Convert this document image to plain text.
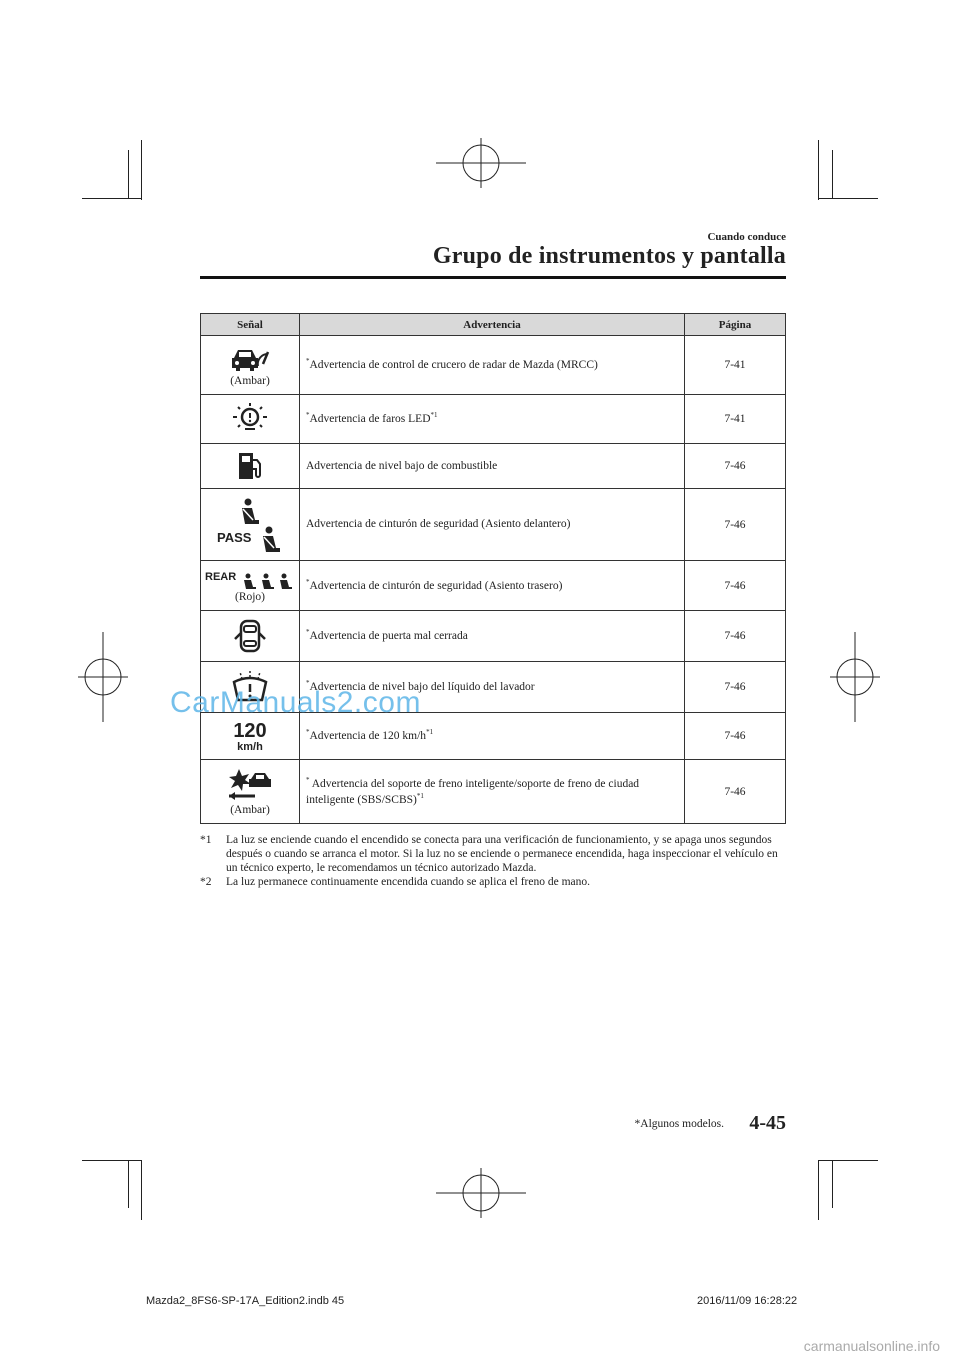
Cuando conduce
Grupo de instrumentos y pantalla
Señal	Advertencia	Página

(Ambar)	*Advertencia de control de crucero de radar de Mazda (MRCC)	7-41

	*Advertencia de faros LED$^{*1}$	7-41

	Advertencia de nivel bajo de combustible	7-46

PASS	Advertencia de cinturón de seguridad (Asiento delantero)	7-46

REAR
(Rojo)	*Advertencia de cinturón de seguridad (Asiento trasero)	7-46

	*Advertencia de puerta mal cerrada	7-46

	*Advertencia de nivel bajo del líquido del lavador	7-46

120
km/h	*Advertencia de 120 $km/h^{*1}$	7-46

(Ambar)	* Advertencia del soporte de freno inteligente/soporte de freno de ciudad inteligente (SBS/SCBS)$^{*1}$	7-46
*1 La luz se enciende cuando el encendido se conecta para una verificación de funcionamiento, y se apaga unos segundos después o cuando se arranca el motor. Si la luz no se enciende o permanece encendida, haga inspeccionar el vehículo en un técnico experto, le recomendamos un técnico autorizado Mazda.
*2 La luz permanece continuamente encendida cuando se aplica el freno de mano.
CarManuals2.com
*Algunos modelos. 4-45
Mazda2_8FS6-SP-17A_Edition2.indb 45	2016/11/09 16:28:22
carmanualsonline.info
